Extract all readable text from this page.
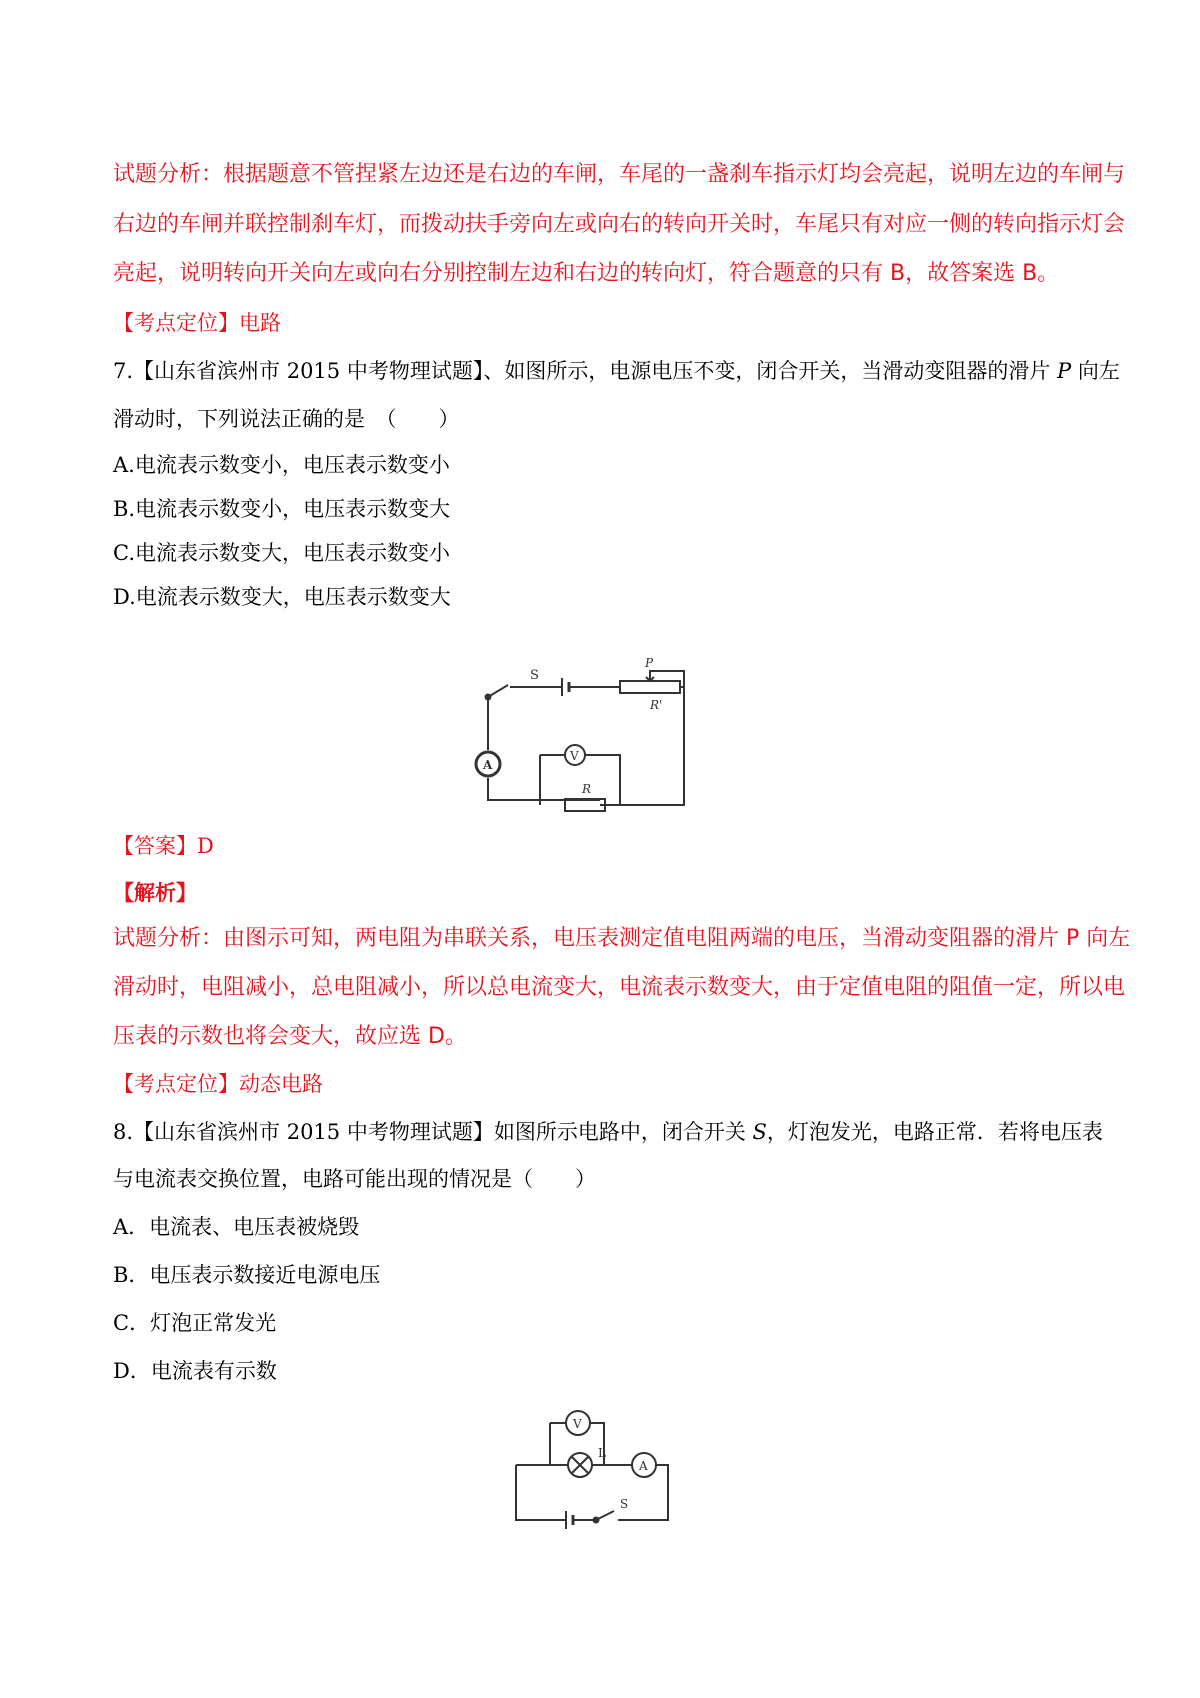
试题分析：根据题意不管捏紧左边还是右边的车闸，车尾的一盏刹车指示灯均会亮起，说明左边的车闸与
右边的车闸并联控制刹车灯，而拨动扶手旁向左或向右的转向开关时，车尾只有对应一侧的转向指示灯会
亮起，说明转向开关向左或向右分别控制左边和右边的转向灯，符合题意的只有 B，故答案选 B。
【考点定位】电路
7.【山东省滨州市 2015 中考物理试题】、如图所示，电源电压不变，闭合开关，当滑动变阻器的滑片 P 向左
滑动时，下列说法正确的是　（　　）
A.电流表示数变小，电压表示数变小
B.电流表示数变小，电压表示数变大
C.电流表示数变大，电压表示数变小
D.电流表示数变大，电压表示数变大
S
P
R'
V
R
A
【答案】D
【解析】
试题分析：由图示可知，两电阻为串联关系，电压表测定值电阻两端的电压，当滑动变阻器的滑片 P 向左
滑动时，电阻减小，总电阻减小，所以总电流变大，电流表示数变大，由于定值电阻的阻值一定，所以电
压表的示数也将会变大，故应选 D。
【考点定位】动态电路
8.【山东省滨州市 2015 中考物理试题】如图所示电路中，闭合开关 S，灯泡发光，电路正常．若将电压表
与电流表交换位置，电路可能出现的情况是（　　）
A．电流表、电压表被烧毁
B．电压表示数接近电源电压
C．灯泡正常发光
D．电流表有示数
V
L
A
S
